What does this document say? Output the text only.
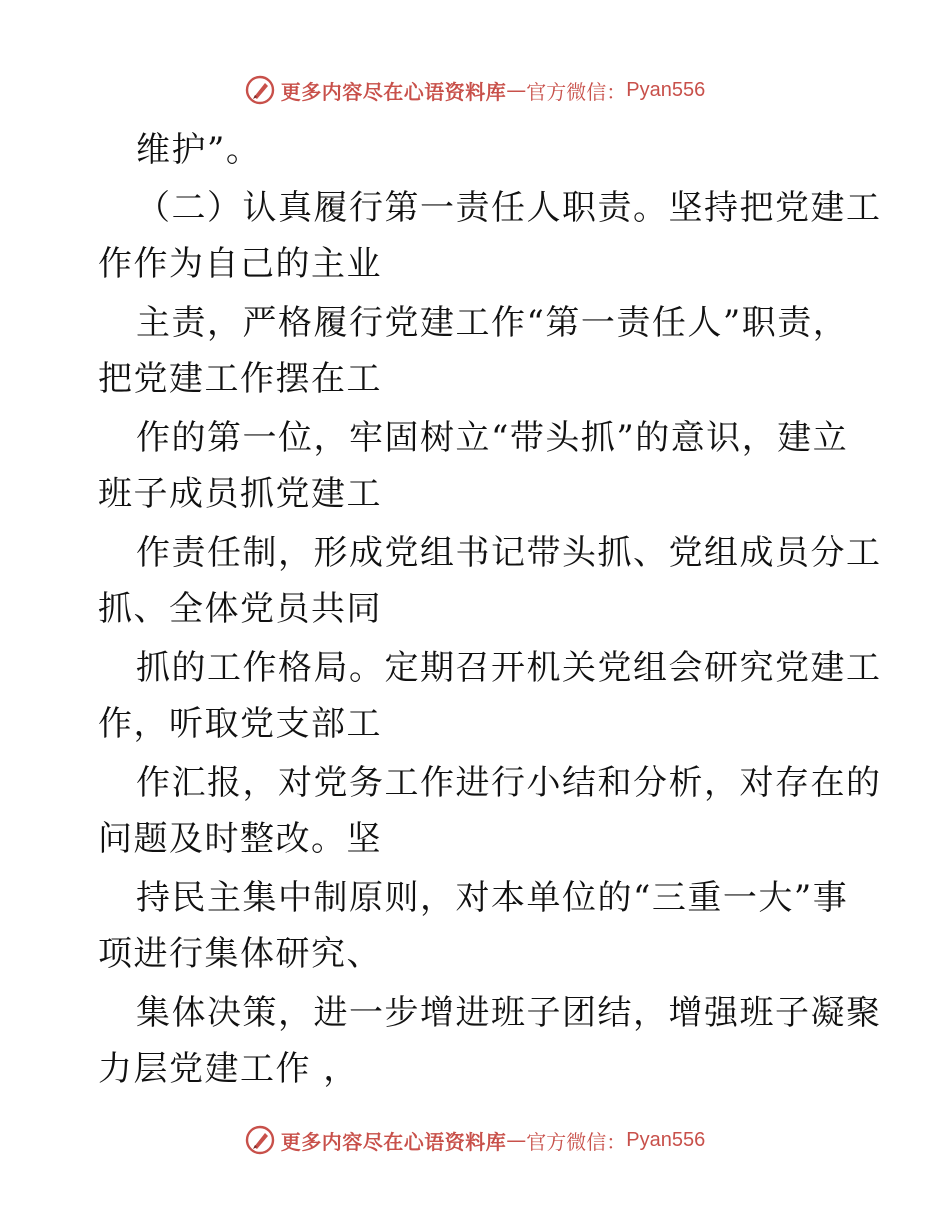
更多内容尽在心语资料库 — 官方微信： Pyan556
维护”。
（二）认真履行第一责任人职责。坚持把党建工
作作为自己的主业
主责，严格履行党建工作“第一责任人”职责，
把党建工作摆在工
作的第一位，牢固树立“带头抓”的意识，建立
班子成员抓党建工
作责任制，形成党组书记带头抓、党组成员分工
抓、全体党员共同
抓的工作格局。定期召开机关党组会研究党建工
作，听取党支部工
作汇报，对党务工作进行小结和分析，对存在的
问题及时整改。坚
持民主集中制原则，对本单位的“三重一大”事
项进行集体研究、
集体决策，进一步增进班子团结，增强班子凝聚
力层党建工作 ，
更多内容尽在心语资料库 — 官方微信： Pyan556
